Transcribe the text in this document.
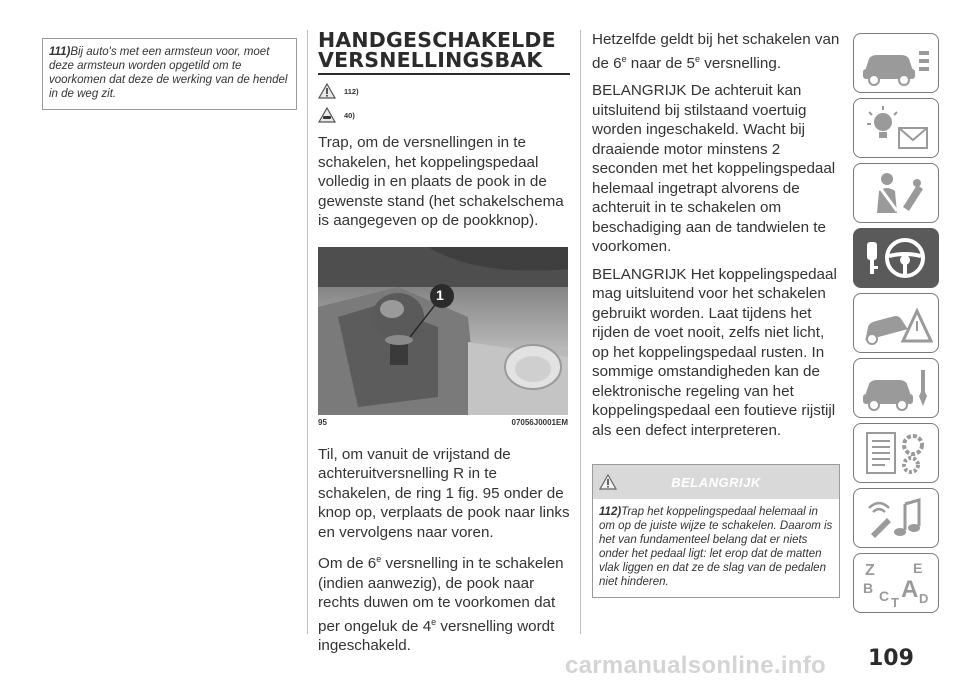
111)Bij auto's met een armsteun voor, moet deze armsteun worden opgetild om te voorkomen dat deze de werking van de hendel in de weg zit.
HANDGESCHAKELDE
VERSNELLINGSBAK
112)
40)

Trap, om de versnellingen in te schakelen, het koppelingspedaal volledig in en plaats de pook in de gewenste stand (het schakelschema is aangegeven op de pookknop).

1
95	07056J0001EM

Til, om vanuit de vrijstand de achteruitversnelling R in te schakelen, de ring 1 fig. 95 onder de knop op, verplaats de pook naar links en vervolgens naar voren.

Om de 6e versnelling in te schakelen (indien aanwezig), de pook naar rechts duwen om te voorkomen dat per ongeluk de 4e versnelling wordt ingeschakeld.

Hetzelfde geldt bij het schakelen van de 6e naar de 5e versnelling.

BELANGRIJK De achteruit kan uitsluitend bij stilstaand voertuig worden ingeschakeld. Wacht bij draaiende motor minstens 2 seconden met het koppelingspedaal helemaal ingetrapt alvorens de achteruit in te schakelen om beschadiging aan de tandwielen te voorkomen.

BELANGRIJK Het koppelingspedaal mag uitsluitend voor het schakelen gebruikt worden. Laat tijdens het rijden de voet nooit, zelfs niet licht, op het koppelingspedaal rusten. In sommige omstandigheden kan de elektronische regeling van het koppelingspedaal een foutieve rijstijl als een defect interpreteren.

BELANGRIJK
112)Trap het koppelingspedaal helemaal in om op de juiste wijze te schakelen. Daarom is het van fundamenteel belang dat er niets onder het pedaal ligt: let erop dat de matten vlak liggen en dat ze de slag van de pedalen niet hinderen.
Z	E
B A
C D
T
109
carmanualsonline.info
